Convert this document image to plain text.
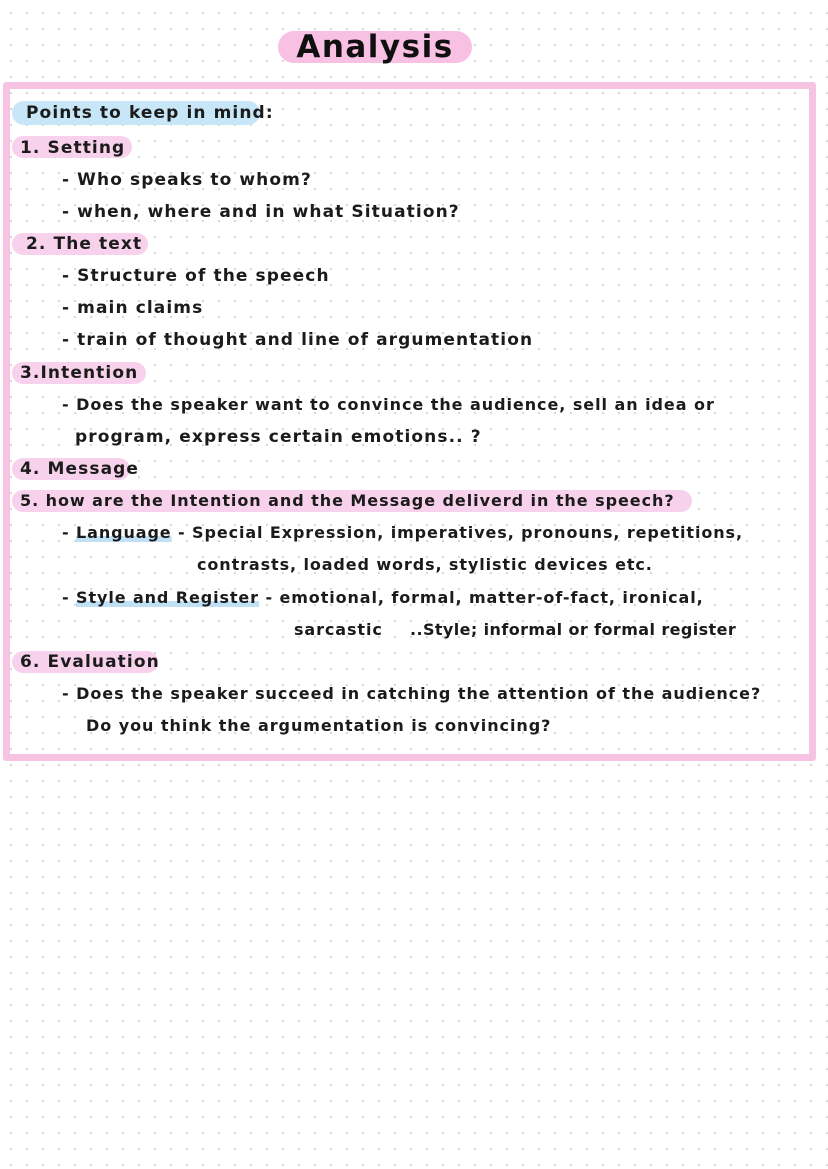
Analysis
Points to keep in mind:
1. Setting
- Who speaks to whom?
- when, where and in what Situation?
2. The text
- Structure of the speech
- main claims
- train of thought and line of argumentation
3.Intention
- Does the speaker want to convince the audience, sell an idea or
program, express certain emotions.. ?
4. Message
5. how are the Intention and the Message deliverd in the speech?
- Language - Special Expression, imperatives, pronouns, repetitions,
contrasts, loaded words, stylistic devices etc.
- Style and Register - emotional, formal, matter-of-fact, ironical,
sarcastic ..Style; informal or formal register
6. Evaluation
- Does the speaker succeed in catching the attention of the audience?
Do you think the argumentation is convincing?
